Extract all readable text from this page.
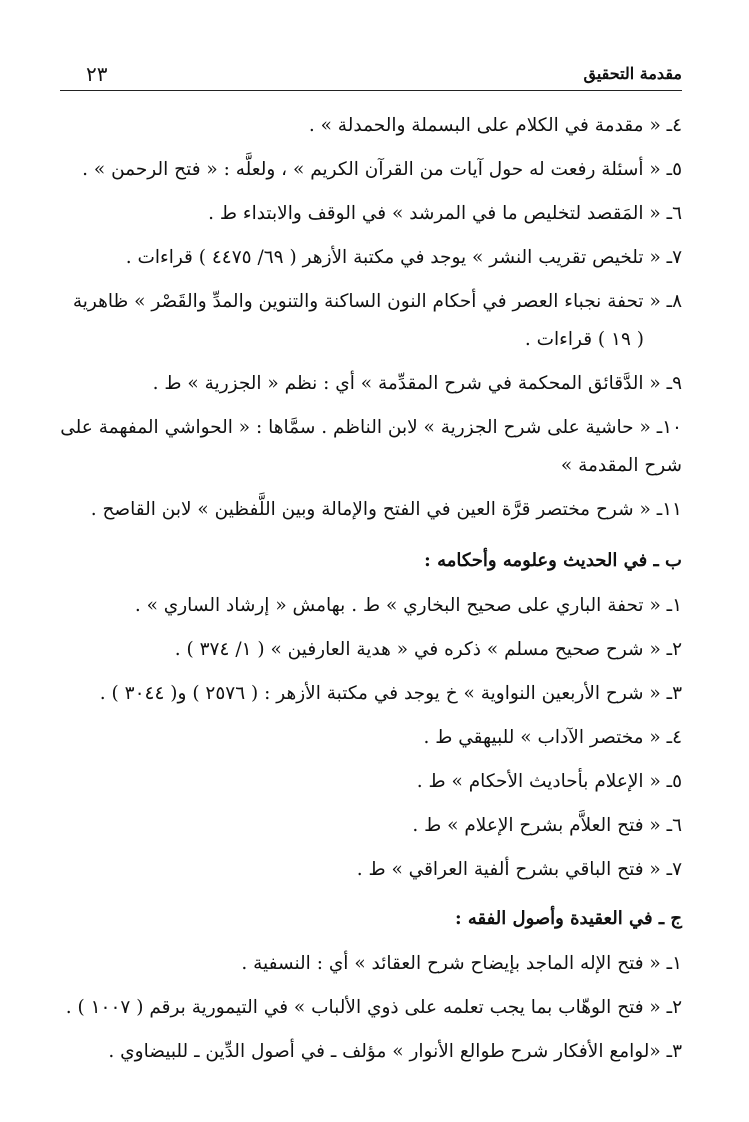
مقدمة التحقيق
٢٣
٤ـ « مقدمة في الكلام على البسملة والحمدلة » .
٥ـ « أسئلة رفعت له حول آيات من القرآن الكريم » ، ولعلَّه : « فتح الرحمن » .
٦ـ « المَقصد لتخليص ما في المرشد » في الوقف والابتداء ط .
٧ـ « تلخيص تقريب النشر » يوجد في مكتبة الأزهر ( ٦٩/ ٤٤٧٥ ) قراءات .
٨ـ « تحفة نجباء العصر في أحكام النون الساكنة والتنوين والمدِّ والقَصْر » ظاهرية
( ١٩ ) قراءات .
٩ـ « الدَّقائق المحكمة في شرح المقدِّمة » أي : نظم « الجزرية » ط .
١٠ـ « حاشية على شرح الجزرية » لابن الناظم . سمَّاها : « الحواشي المفهمة على
شرح المقدمة »
١١ـ « شرح مختصر قرَّة العين في الفتح والإمالة وبين اللَّفظين » لابن القاصح .
ب ـ في الحديث وعلومه وأحكامه :
١ـ « تحفة الباري على صحيح البخاري » ط . بهامش « إرشاد الساري » .
٢ـ « شرح صحيح مسلم » ذكره في « هدية العارفين » ( ١/ ٣٧٤ ) .
٣ـ « شرح الأربعين النواوية » خ يوجد في مكتبة الأزهر : ( ٢٥٧٦ ) و( ٣٠٤٤ ) .
٤ـ « مختصر الآداب » للبيهقي ط .
٥ـ « الإعلام بأحاديث الأحكام » ط .
٦ـ « فتح العلاَّم بشرح الإعلام » ط .
٧ـ « فتح الباقي بشرح ألفية العراقي » ط .
ج ـ في العقيدة وأصول الفقه :
١ـ « فتح الإله الماجد بإيضاح شرح العقائد » أي : النسفية .
٢ـ « فتح الوهّاب بما يجب تعلمه على ذوي الألباب » في التيمورية برقم ( ١٠٠٧ ) .
٣ـ «لوامع الأفكار شرح طوالع الأنوار » مؤلف ـ في أصول الدِّين ـ للبيضاوي .
